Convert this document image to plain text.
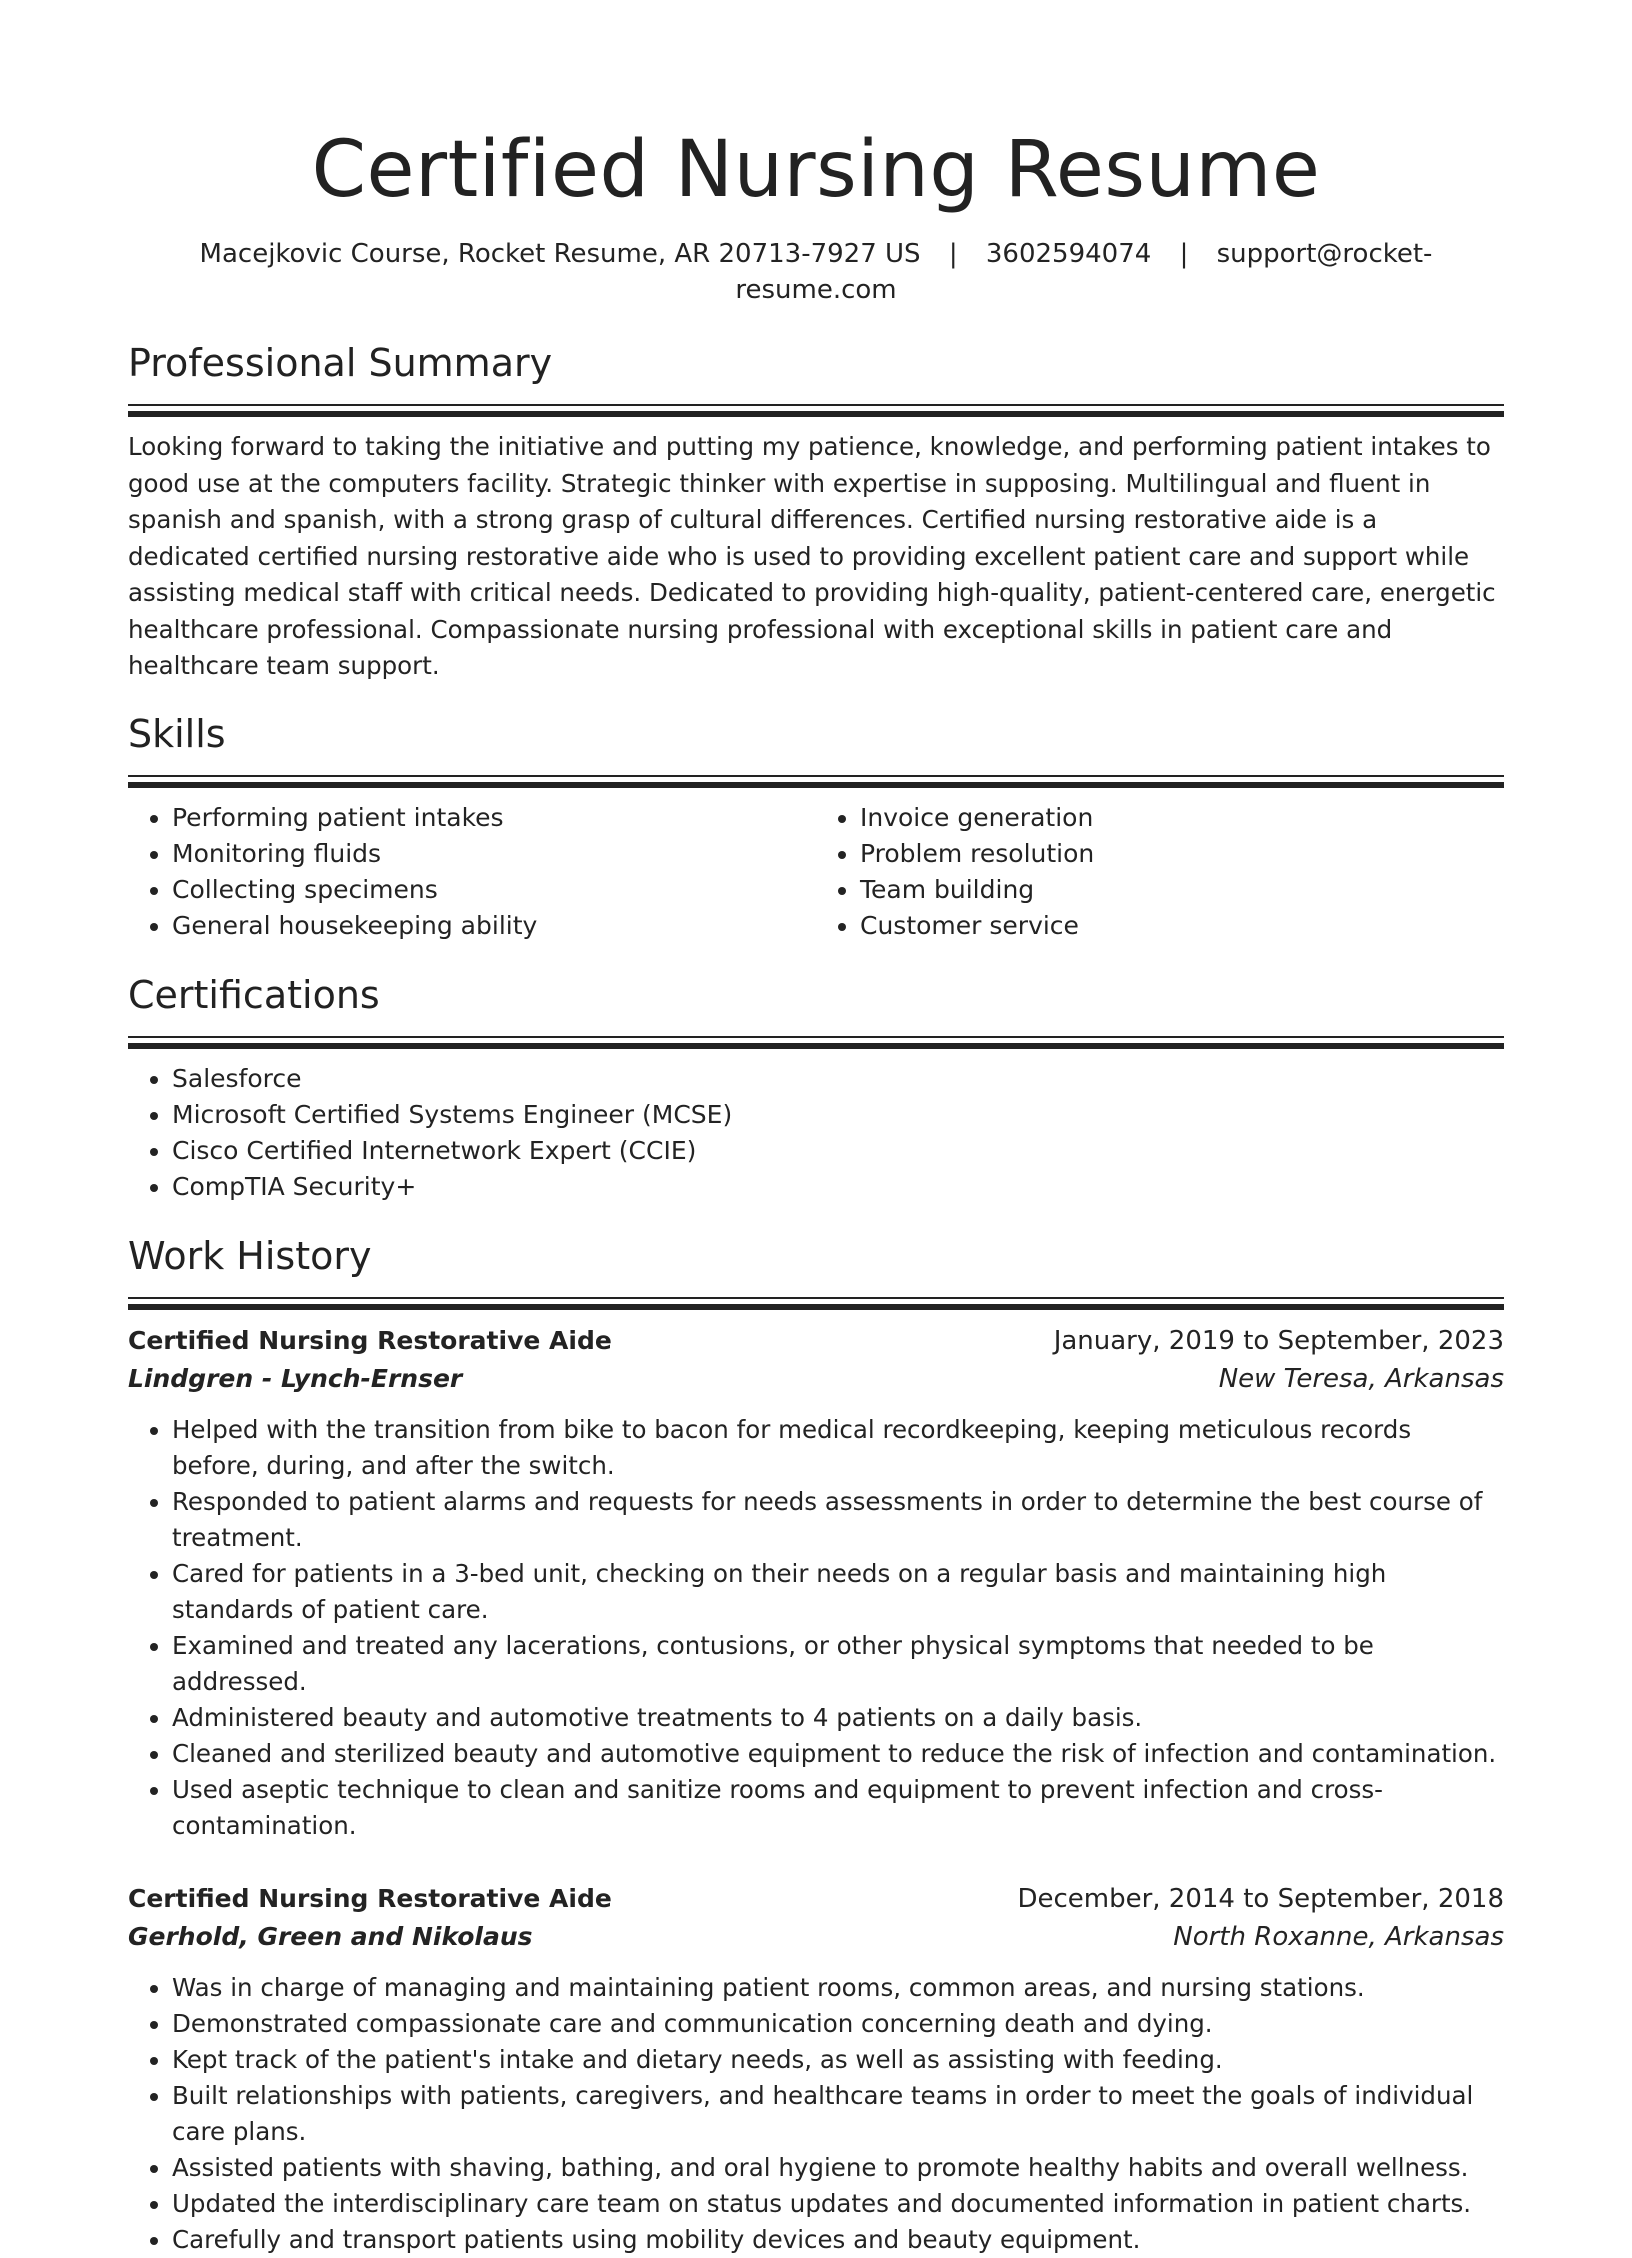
Certified Nursing Resume
Macejkovic Course, Rocket Resume, AR 20713-7927 US | 3602594074 | support@rocket-resume.com
Professional Summary

Looking forward to taking the initiative and putting my patience, knowledge, and performing patient intakes to good use at the computers facility. Strategic thinker with expertise in supposing. Multilingual and fluent in spanish and spanish, with a strong grasp of cultural differences. Certified nursing restorative aide is a dedicated certified nursing restorative aide who is used to providing excellent patient care and support while assisting medical staff with critical needs. Dedicated to providing high-quality, patient-centered care, energetic healthcare professional. Compassionate nursing professional with exceptional skills in patient care and healthcare team support.

Skills
• Performing patient intakes
• Monitoring fluids
• Collecting specimens
• General housekeeping ability
• Invoice generation
• Problem resolution
• Team building
• Customer service
Certifications
• Salesforce
• Microsoft Certified Systems Engineer (MCSE)
• Cisco Certified Internetwork Expert (CCIE)
• CompTIA Security+
Work History
Certified Nursing Restorative Aide	January, 2019 to September, 2023
Lindgren - Lynch-Ernser	New Teresa, Arkansas
• Helped with the transition from bike to bacon for medical recordkeeping, keeping meticulous records before, during, and after the switch.
• Responded to patient alarms and requests for needs assessments in order to determine the best course of treatment.
• Cared for patients in a 3-bed unit, checking on their needs on a regular basis and maintaining high standards of patient care.
• Examined and treated any lacerations, contusions, or other physical symptoms that needed to be addressed.
• Administered beauty and automotive treatments to 4 patients on a daily basis.
• Cleaned and sterilized beauty and automotive equipment to reduce the risk of infection and contamination.
• Used aseptic technique to clean and sanitize rooms and equipment to prevent infection and cross-contamination.
Certified Nursing Restorative Aide	December, 2014 to September, 2018
Gerhold, Green and Nikolaus	North Roxanne, Arkansas
• Was in charge of managing and maintaining patient rooms, common areas, and nursing stations.
• Demonstrated compassionate care and communication concerning death and dying.
• Kept track of the patient's intake and dietary needs, as well as assisting with feeding.
• Built relationships with patients, caregivers, and healthcare teams in order to meet the goals of individual care plans.
• Assisted patients with shaving, bathing, and oral hygiene to promote healthy habits and overall wellness.
• Updated the interdisciplinary care team on status updates and documented information in patient charts.
• Carefully and transport patients using mobility devices and beauty equipment.
